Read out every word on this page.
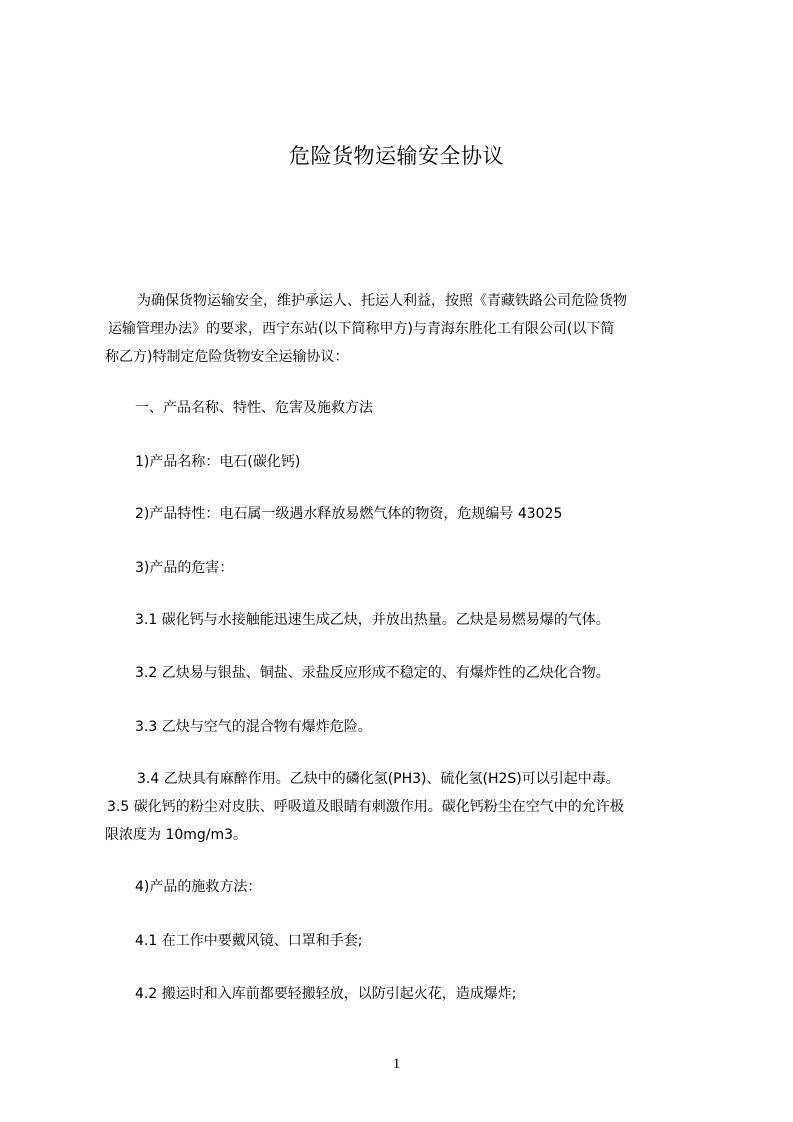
危险货物运输安全协议
为确保货物运输安全，维护承运人、托运人利益，按照《青藏铁路公司危险货物
运输管理办法》的要求，西宁东站(以下简称甲方)与青海东胜化工有限公司(以下简
称乙方)特制定危险货物安全运输协议：
一、产品名称、特性、危害及施救方法
1)产品名称：电石(碳化钙)
2)产品特性：电石属一级遇水释放易燃气体的物资，危规编号 43025
3)产品的危害：
3.1 碳化钙与水接触能迅速生成乙炔，并放出热量。乙炔是易燃易爆的气体。
3.2 乙炔易与银盐、铜盐、汞盐反应形成不稳定的、有爆炸性的乙炔化合物。
3.3 乙炔与空气的混合物有爆炸危险。
3.4 乙炔具有麻醉作用。乙炔中的磷化氢(PH3)、硫化氢(H2S)可以引起中毒。
3.5 碳化钙的粉尘对皮肤、呼吸道及眼睛有刺激作用。碳化钙粉尘在空气中的允许极
限浓度为 10mg/m3。
4)产品的施救方法：
4.1 在工作中要戴风镜、口罩和手套;
4.2 搬运时和入库前都要轻搬轻放，以防引起火花，造成爆炸;
1
